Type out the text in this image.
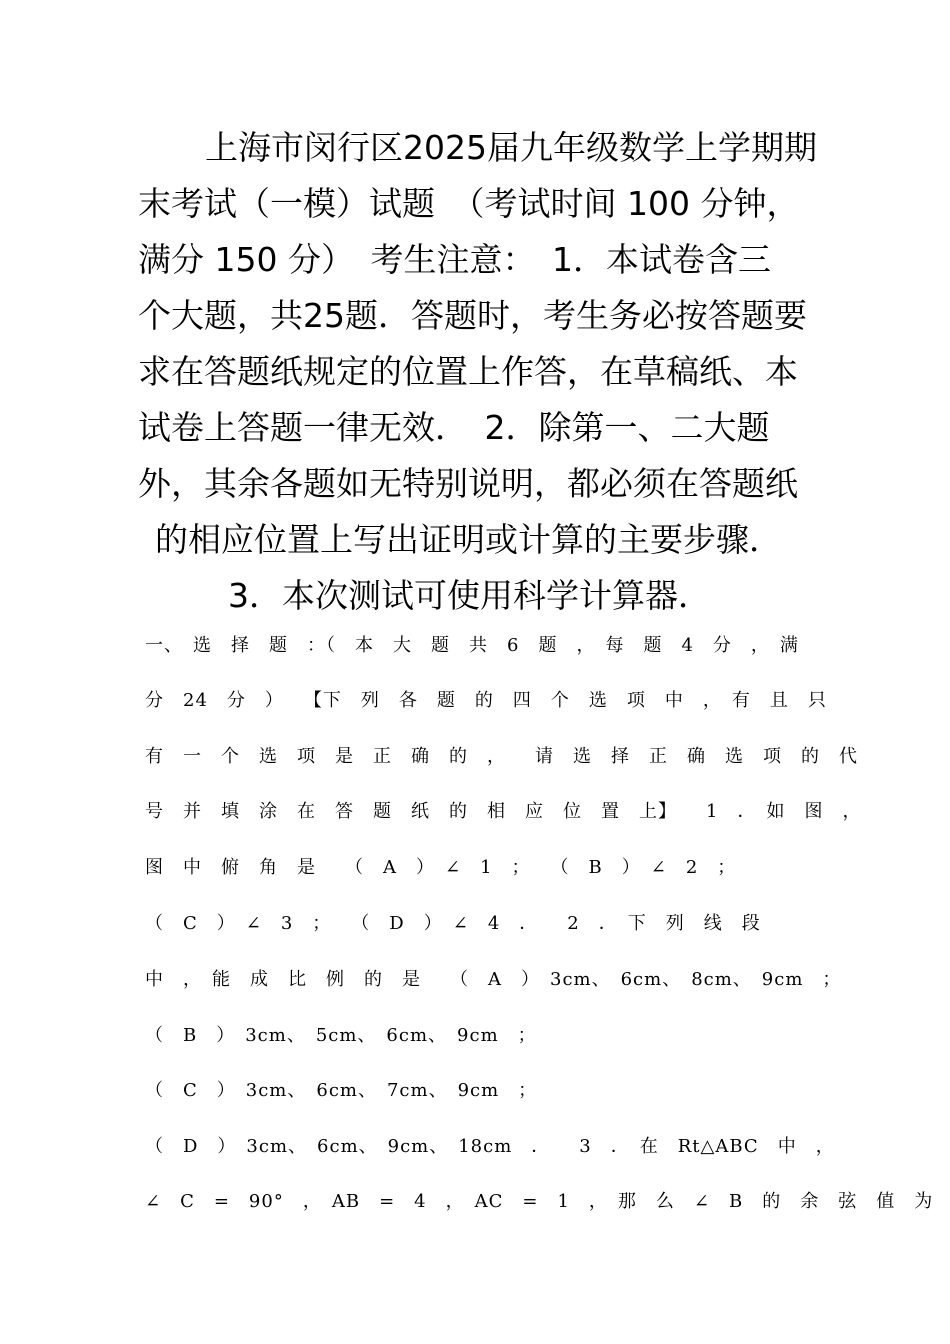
上海市闵行区2025届九年级数学上学期期
末考试（一模）试题　（考试时间 100 分钟，
满分 150 分）　考生注意：　1．本试卷含三
个大题，共25题．答题时，考生务必按答题要
求在答题纸规定的位置上作答，在草稿纸、本
试卷上答题一律无效．　2．除第一、二大题
外，其余各题如无特别说明，都必须在答题纸
的相应位置上写出证明或计算的主要步骤．
3．本次测试可使用科学计算器．
一、　选　择　题　：（　本　大　题　共　6　题　，　每　题　4　分　，　满
分　24　分　）　　【下　列　各　题　的　四　个　选　项　中　，　有　且　只
有　一　个　选　项　是　正　确　的　，　　请　选　择　正　确　选　项　的　代
号　并　填　涂　在　答　题　纸　的　相　应　位　置　上】　　1　．　如　图　，
图　中　俯　角　是　　（　A　）　∠　1　；　　（　B　）　∠　2　；
（　C　）　∠　3　；　　（　D　）　∠　4　．　　2　．　下　列　线　段
中　，　能　成　比　例　的　是　　（　A　）　3cm、　6cm、　8cm、　9cm　；
（　B　）　3cm、　5cm、　6cm、　9cm　；
（　C　）　3cm、　6cm、　7cm、　9cm　；
（　D　）　3cm、　6cm、　9cm、　18cm　．　　3　．　在　Rt△ABC　中　，
∠　C　=　90°　，　AB　=　4　，　AC　=　1　，　那　么　∠　B　的　余　弦　值　为
